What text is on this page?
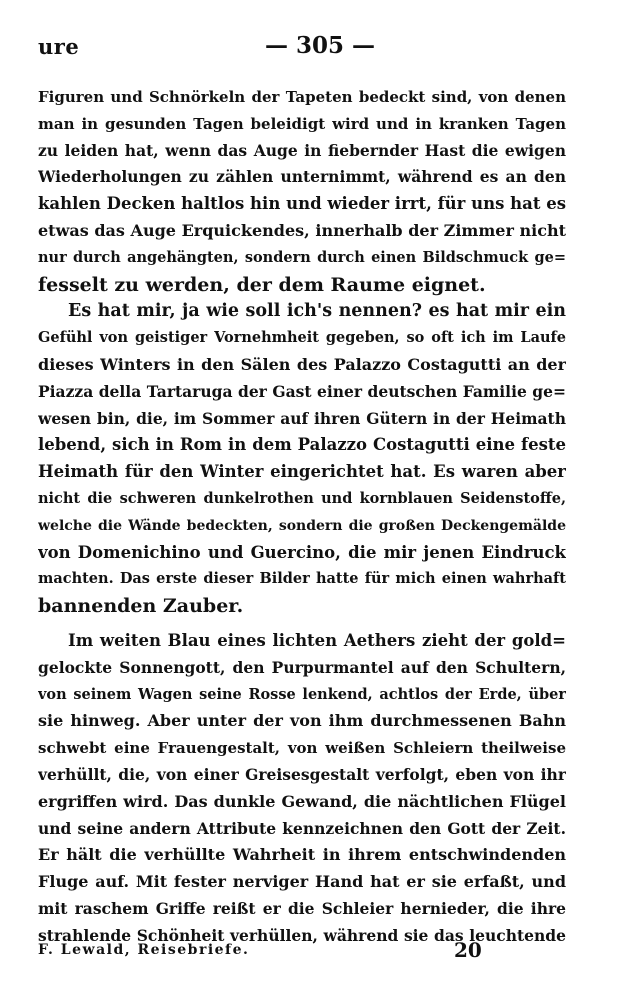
ure	— 305 —
Figuren und Schnörkeln der Tapeten bedeckt sind, von denen
man in gesunden Tagen beleidigt wird und in kranken Tagen
zu leiden hat, wenn das Auge in fiebernder Hast die ewigen
Wiederholungen zu zählen unternimmt, während es an den
kahlen Decken haltlos hin und wieder irrt, für uns hat es
etwas das Auge Erquickendes, innerhalb der Zimmer nicht
nur durch angehängten, sondern durch einen Bildschmuck ge=
fesselt zu werden, der dem Raume eignet.
Es hat mir, ja wie soll ich's nennen? es hat mir ein
Gefühl von geistiger Vornehmheit gegeben, so oft ich im Laufe
dieses Winters in den Sälen des Palazzo Costagutti an der
Piazza della Tartaruga der Gast einer deutschen Familie ge=
wesen bin, die, im Sommer auf ihren Gütern in der Heimath
lebend, sich in Rom in dem Palazzo Costagutti eine feste
Heimath für den Winter eingerichtet hat. Es waren aber
nicht die schweren dunkelrothen und kornblauen Seidenstoffe,
welche die Wände bedeckten, sondern die großen Deckengemälde
von Domenichino und Guercino, die mir jenen Eindruck
machten. Das erste dieser Bilder hatte für mich einen wahrhaft
bannenden Zauber.
Im weiten Blau eines lichten Aethers zieht der gold=
gelockte Sonnengott, den Purpurmantel auf den Schultern,
von seinem Wagen seine Rosse lenkend, achtlos der Erde, über
sie hinweg. Aber unter der von ihm durchmessenen Bahn
schwebt eine Frauengestalt, von weißen Schleiern theilweise
verhüllt, die, von einer Greisesgestalt verfolgt, eben von ihr
ergriffen wird. Das dunkle Gewand, die nächtlichen Flügel
und seine andern Attribute kennzeichnen den Gott der Zeit.
Er hält die verhüllte Wahrheit in ihrem entschwindenden
Fluge auf. Mit fester nerviger Hand hat er sie erfaßt, und
mit raschem Griffe reißt er die Schleier hernieder, die ihre
strahlende Schönheit verhüllen, während sie das leuchtende
F. Lewald, Reisebriefe.	20
